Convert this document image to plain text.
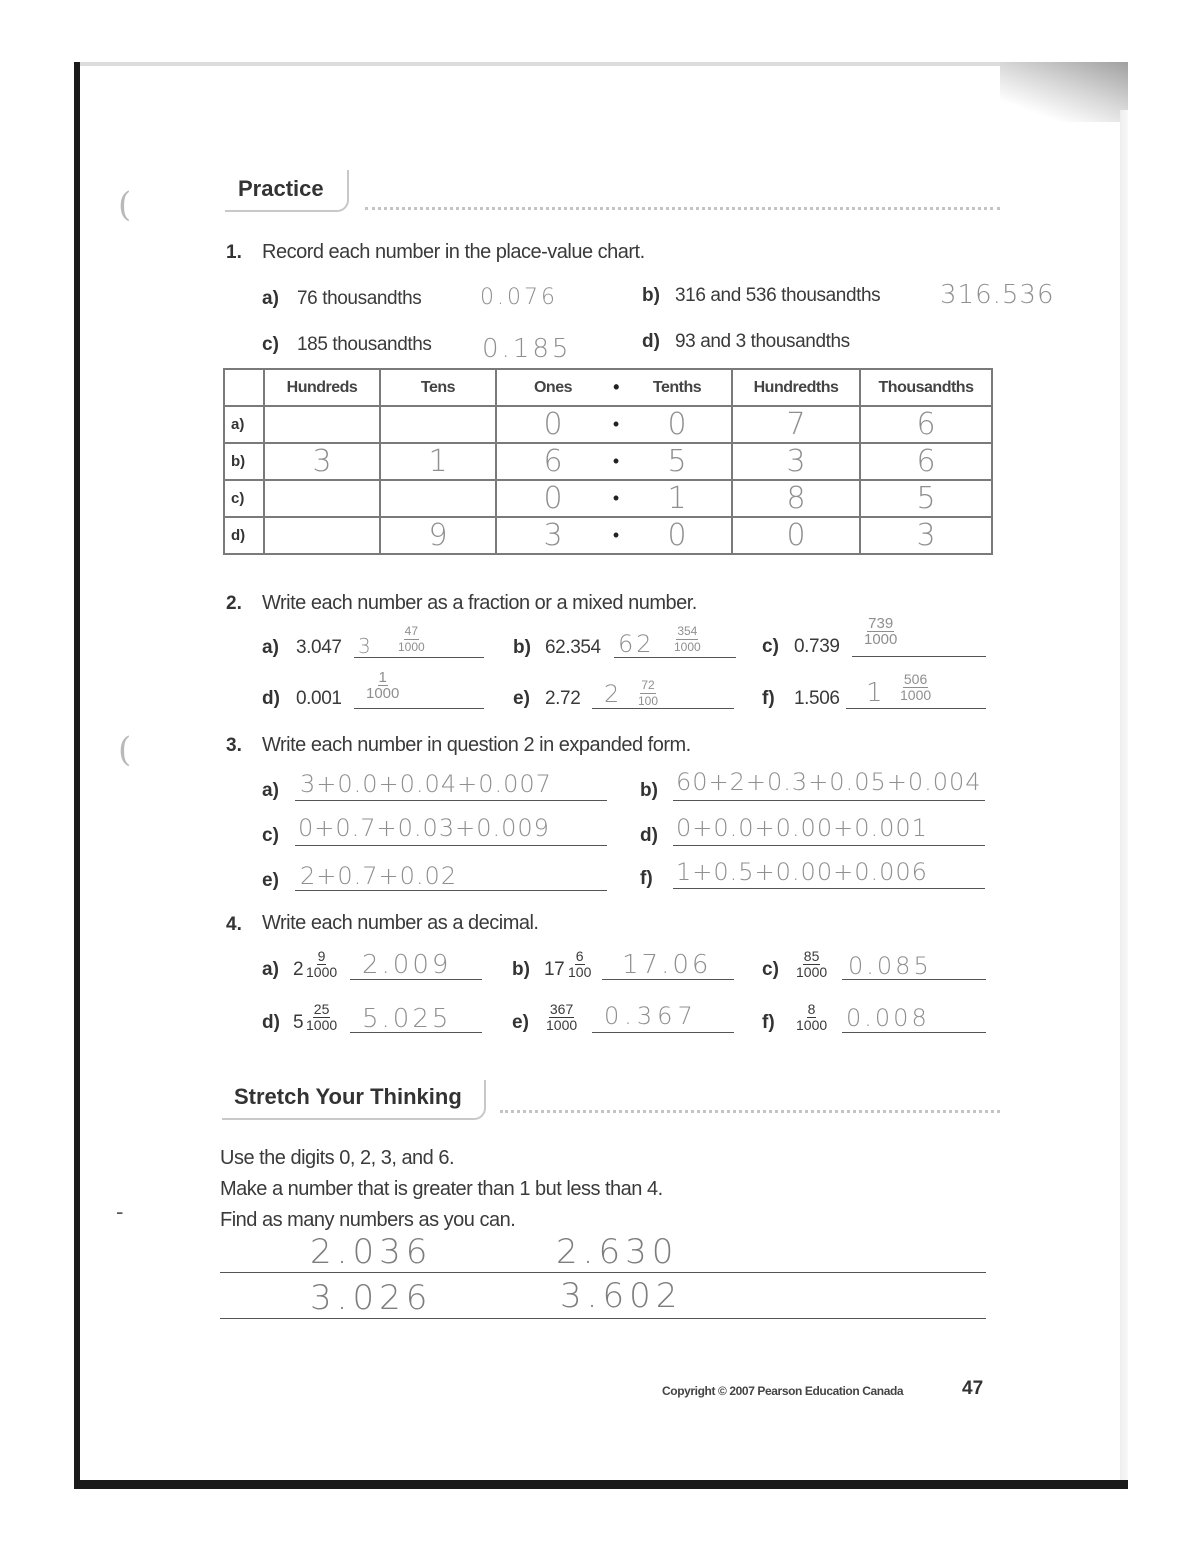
(
(
Practice
1. Record each number in the place-value chart.
a) 76 thousandths	0.076	b) 316 and 536 thousandths 316.536
c) 185 thousandths 0.185	d) 93 and 3 thousandths
	Hundreds	Tens	Ones	•	Tenths	Hundredths	Thousandths
a)			0	•	0	7	6
b)	3	1	6	•	5	3	6
c)			0	•	1	8	5
d)		9	3	•	0	0	3
2. Write each number as a fraction or a mixed number.
a) 3.047 $3 \frac{47}{1000}$	b) 62.354 $62 \frac{354}{1000}$	c) $0.739 \frac{739}{1000}$
d) $0.001 \frac{1}{1000}$	e) 2.72 $2 \frac{72}{100}$	f) 1.506 $1 \frac{506}{1000}$
3. Write each number in question 2 in expanded form.
a) 3+0.0+0.04+0.007	b) 60+2+0.3+0.05+0.004
c) 0+0.7+0.03+0.009	d) 0+0.0+0.00+0.001
e) 2+0.7+0.02	f) 1+0.5+0.00+0.006
4. Write each number as a decimal.
a) $2 \frac{9}{1000} 2.009$	b) $17 \frac{6}{100} 17.06$	$c) \frac{85}{1000} 0.085$
d) $5 \frac{25}{1000} 5.025$	$e) \frac{367}{1000} 0.367$	$f) \frac{8}{1000} 0.008$
Stretch Your Thinking
Use the digits 0, 2, 3, and 6.
Make a number that is greater than 1 but less than 4.
Find as many numbers as you can.
2.036	2.630
3.026	3.602
-
Copyright © 2007 Pearson Education Canada	47
